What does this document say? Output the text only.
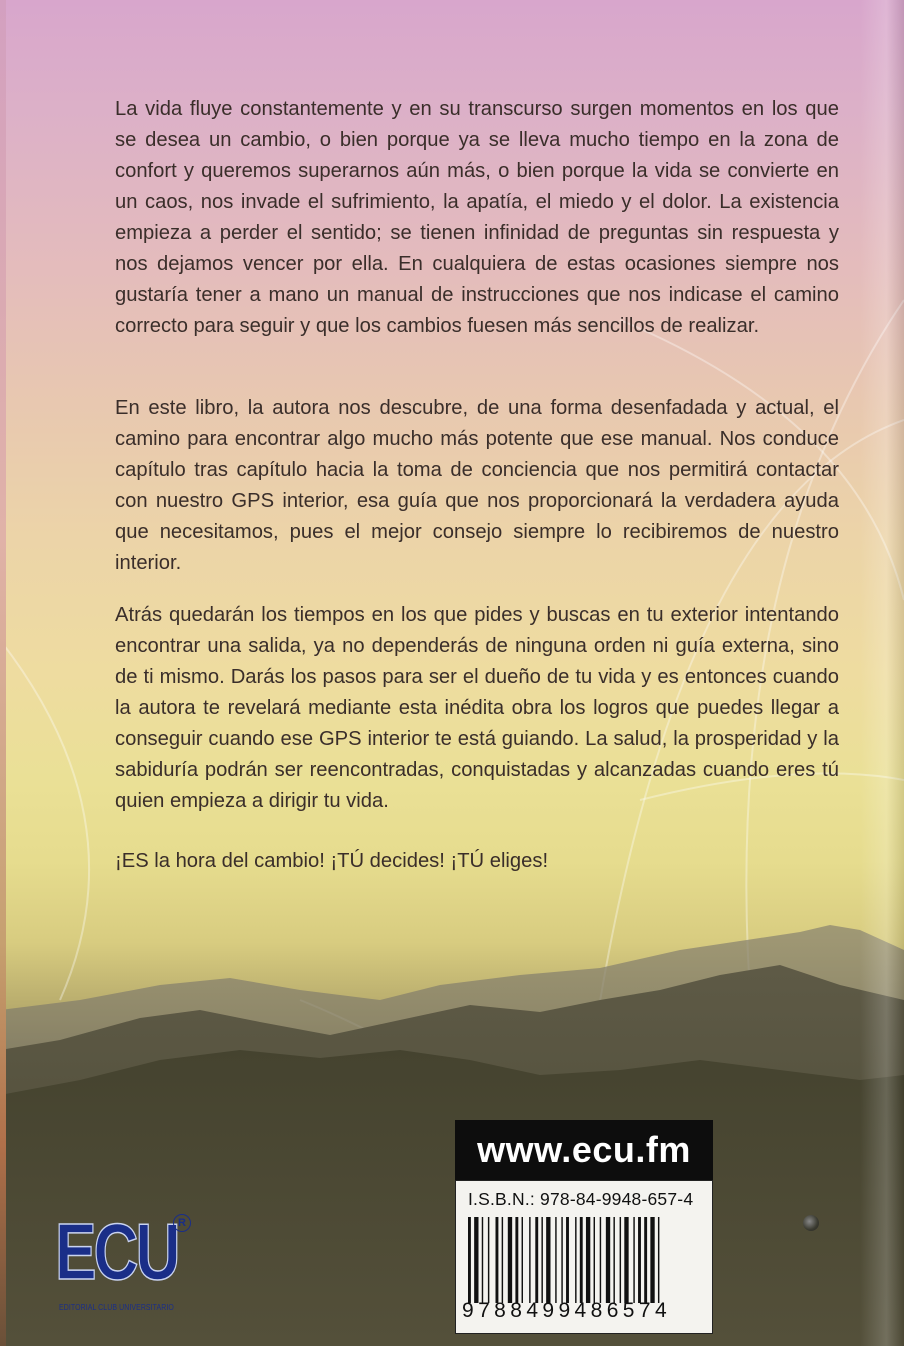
La vida fluye constantemente y en su transcurso surgen momentos en los que se desea un cambio, o bien porque ya se lleva mucho tiempo en la zona de confort y queremos superarnos aún más, o bien porque la vida se convierte en un caos, nos invade el sufrimiento, la apatía, el miedo y el dolor. La existencia empieza a perder el sentido; se tienen infinidad de preguntas sin respuesta y nos dejamos vencer por ella. En cualquiera de estas ocasiones siempre nos gustaría tener a mano un manual de instrucciones que nos indicase el camino correcto para seguir y que los cambios fuesen más sencillos de realizar.

En este libro, la autora nos descubre, de una forma desenfadada y actual, el camino para encontrar algo mucho más potente que ese manual. Nos conduce capítulo tras capítulo hacia la toma de conciencia que nos permitirá contactar con nuestro GPS interior, esa guía que nos proporcionará la verdadera ayuda que necesitamos, pues el mejor consejo siempre lo recibiremos de nuestro interior.

Atrás quedarán los tiempos en los que pides y buscas en tu exterior intentando encontrar una salida, ya no dependerás de ninguna orden ni guía externa, sino de ti mismo. Darás los pasos para ser el dueño de tu vida y es entonces cuando la autora te revelará mediante esta inédita obra los logros que puedes llegar a conseguir cuando ese GPS interior te está guiando. La salud, la prosperidad y la sabiduría podrán ser reencontradas, conquistadas y alcanzadas cuando eres tú quien empieza a dirigir tu vida.

¡ES la hora del cambio! ¡TÚ decides! ¡TÚ eliges!

www.ecu.fm
I.S.B.N.: 978-84-9948-657-4
9788499486574
ECU R
EDITORIAL CLUB UNIVERSITARIO
